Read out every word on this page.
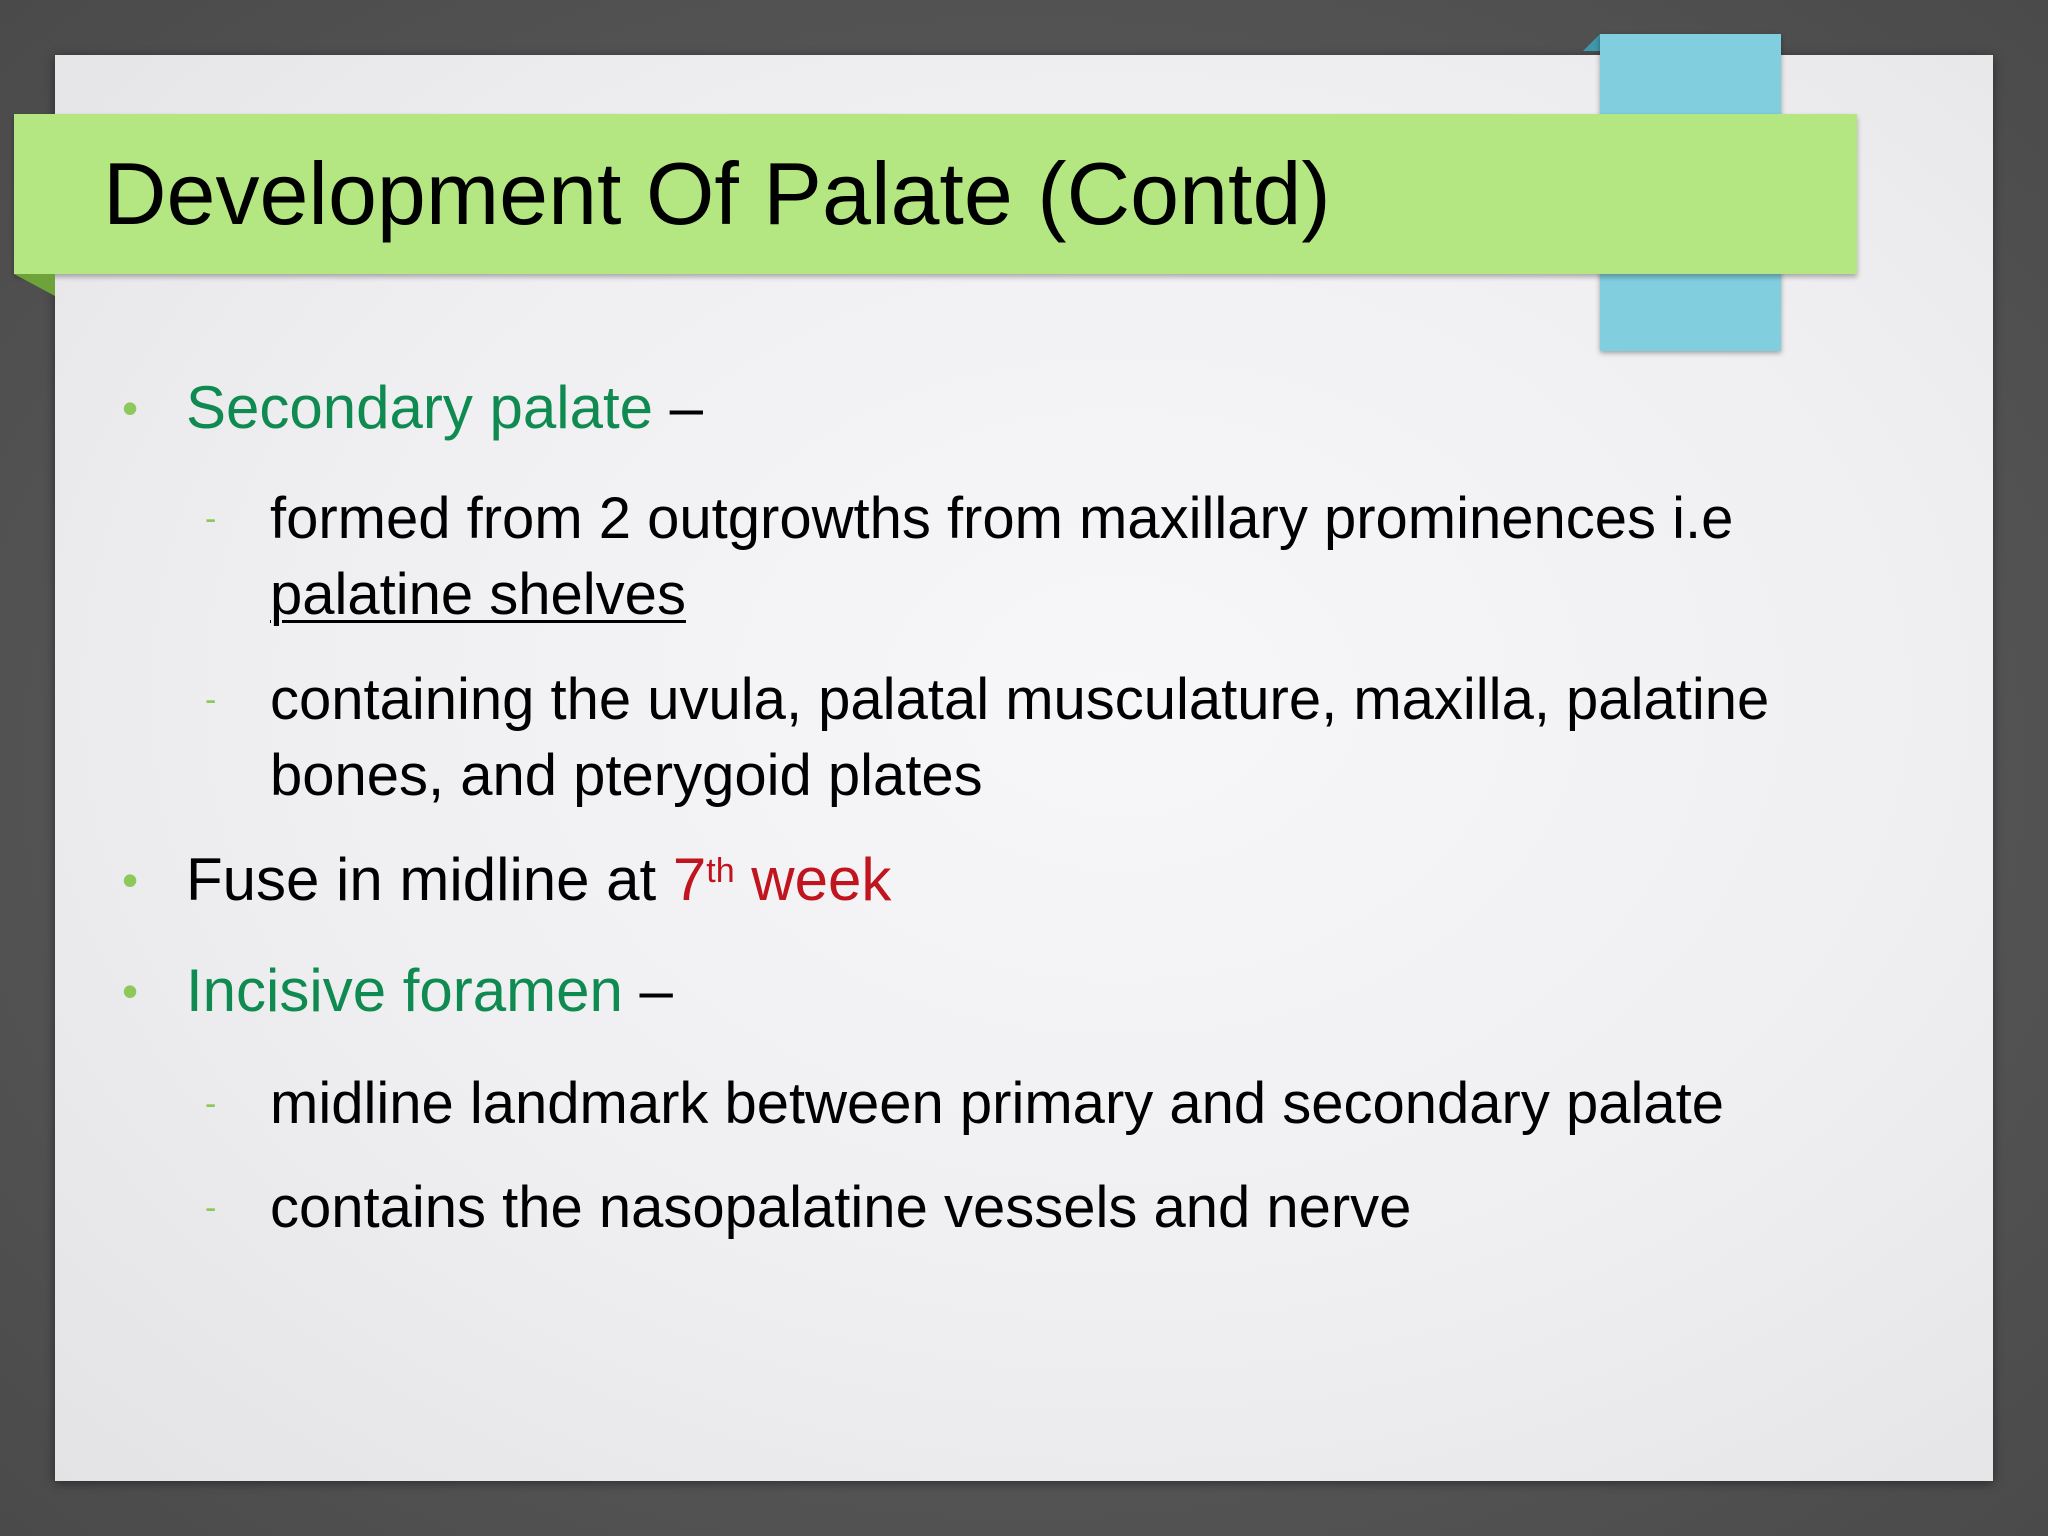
Development Of Palate (Contd)
• Secondary palate –
- formed from 2 outgrowths from maxillary prominences i.e
palatine shelves
- containing the uvula, palatal musculature, maxilla, palatine
bones, and pterygoid plates
• Fuse in midline at 7th week
• Incisive foramen –
- midline landmark between primary and secondary palate
- contains the nasopalatine vessels and nerve
